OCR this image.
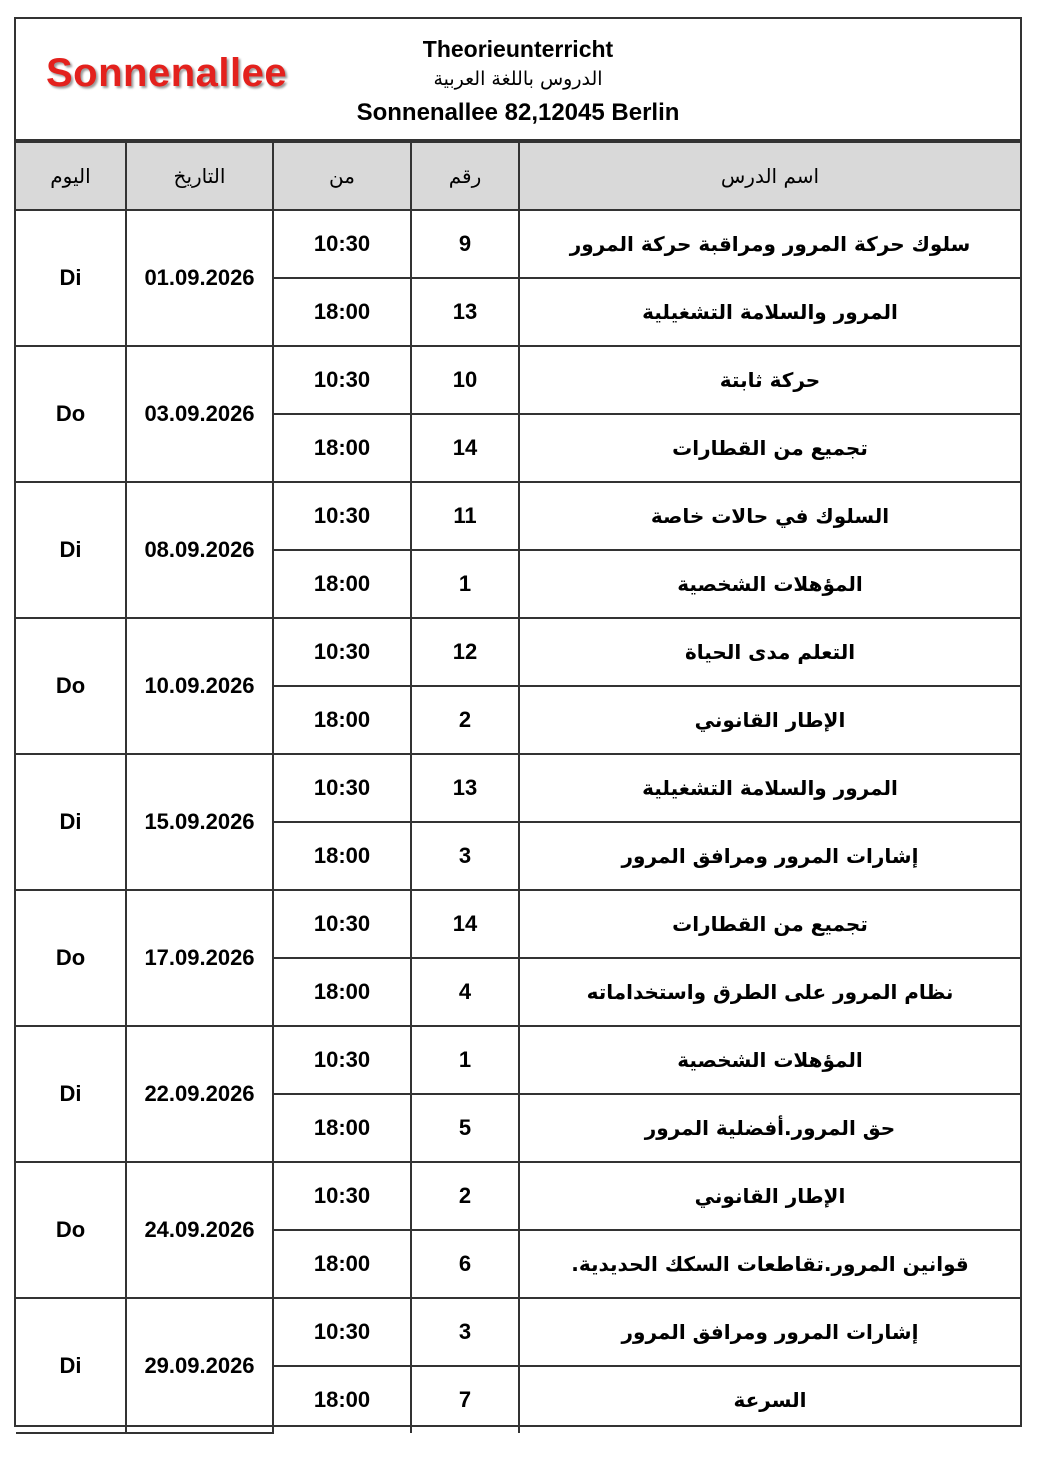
Sonnenallee
Theorieunterricht
الدروس باللغة العربية
Sonnenallee 82,12045 Berlin
اليوم	التاريخ	من	رقم	اسم الدرس
Di	01.09.2026	10:30	9	سلوك حركة المرور ومراقبة حركة المرور
		18:00	13	المرور والسلامة التشغيلية
Do	03.09.2026	10:30	10	حركة ثابتة
		18:00	14	تجميع من القطارات
Di	08.09.2026	10:30	11	السلوك في حالات خاصة
		18:00	1	المؤهلات الشخصية
Do	10.09.2026	10:30	12	التعلم مدى الحياة
		18:00	2	الإطار القانوني
Di	15.09.2026	10:30	13	المرور والسلامة التشغيلية
		18:00	3	إشارات المرور ومرافق المرور
Do	17.09.2026	10:30	14	تجميع من القطارات
		18:00	4	نظام المرور على الطرق واستخداماته
Di	22.09.2026	10:30	1	المؤهلات الشخصية
		18:00	5	حق المرور.أفضلية المرور
Do	24.09.2026	10:30	2	الإطار القانوني
		18:00	6	قوانين المرور.تقاطعات السكك الحديدية.
Di	29.09.2026	10:30	3	إشارات المرور ومرافق المرور
		18:00	7	السرعة
